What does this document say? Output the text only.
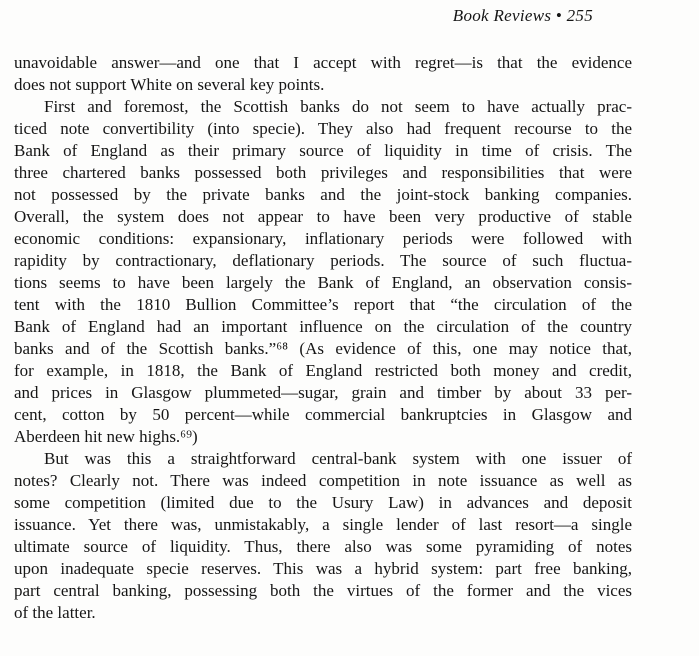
Book Reviews • 255
unavoidable answer—and one that I accept with regret—is that the evidence
does not support White on several key points.
First and foremost, the Scottish banks do not seem to have actually prac-
ticed note convertibility (into specie). They also had frequent recourse to the
Bank of England as their primary source of liquidity in time of crisis. The
three chartered banks possessed both privileges and responsibilities that were
not possessed by the private banks and the joint-stock banking companies.
Overall, the system does not appear to have been very productive of stable
economic conditions: expansionary, inflationary periods were followed with
rapidity by contractionary, deflationary periods. The source of such fluctua-
tions seems to have been largely the Bank of England, an observation consis-
tent with the 1810 Bullion Committee’s report that “the circulation of the
Bank of England had an important influence on the circulation of the country
banks and of the Scottish banks.”⁶⁸ (As evidence of this, one may notice that,
for example, in 1818, the Bank of England restricted both money and credit,
and prices in Glasgow plummeted—sugar, grain and timber by about 33 per-
cent, cotton by 50 percent—while commercial bankruptcies in Glasgow and
Aberdeen hit new highs.⁶⁹)
But was this a straightforward central-bank system with one issuer of
notes? Clearly not. There was indeed competition in note issuance as well as
some competition (limited due to the Usury Law) in advances and deposit
issuance. Yet there was, unmistakably, a single lender of last resort—a single
ultimate source of liquidity. Thus, there also was some pyramiding of notes
upon inadequate specie reserves. This was a hybrid system: part free banking,
part central banking, possessing both the virtues of the former and the vices
of the latter.
